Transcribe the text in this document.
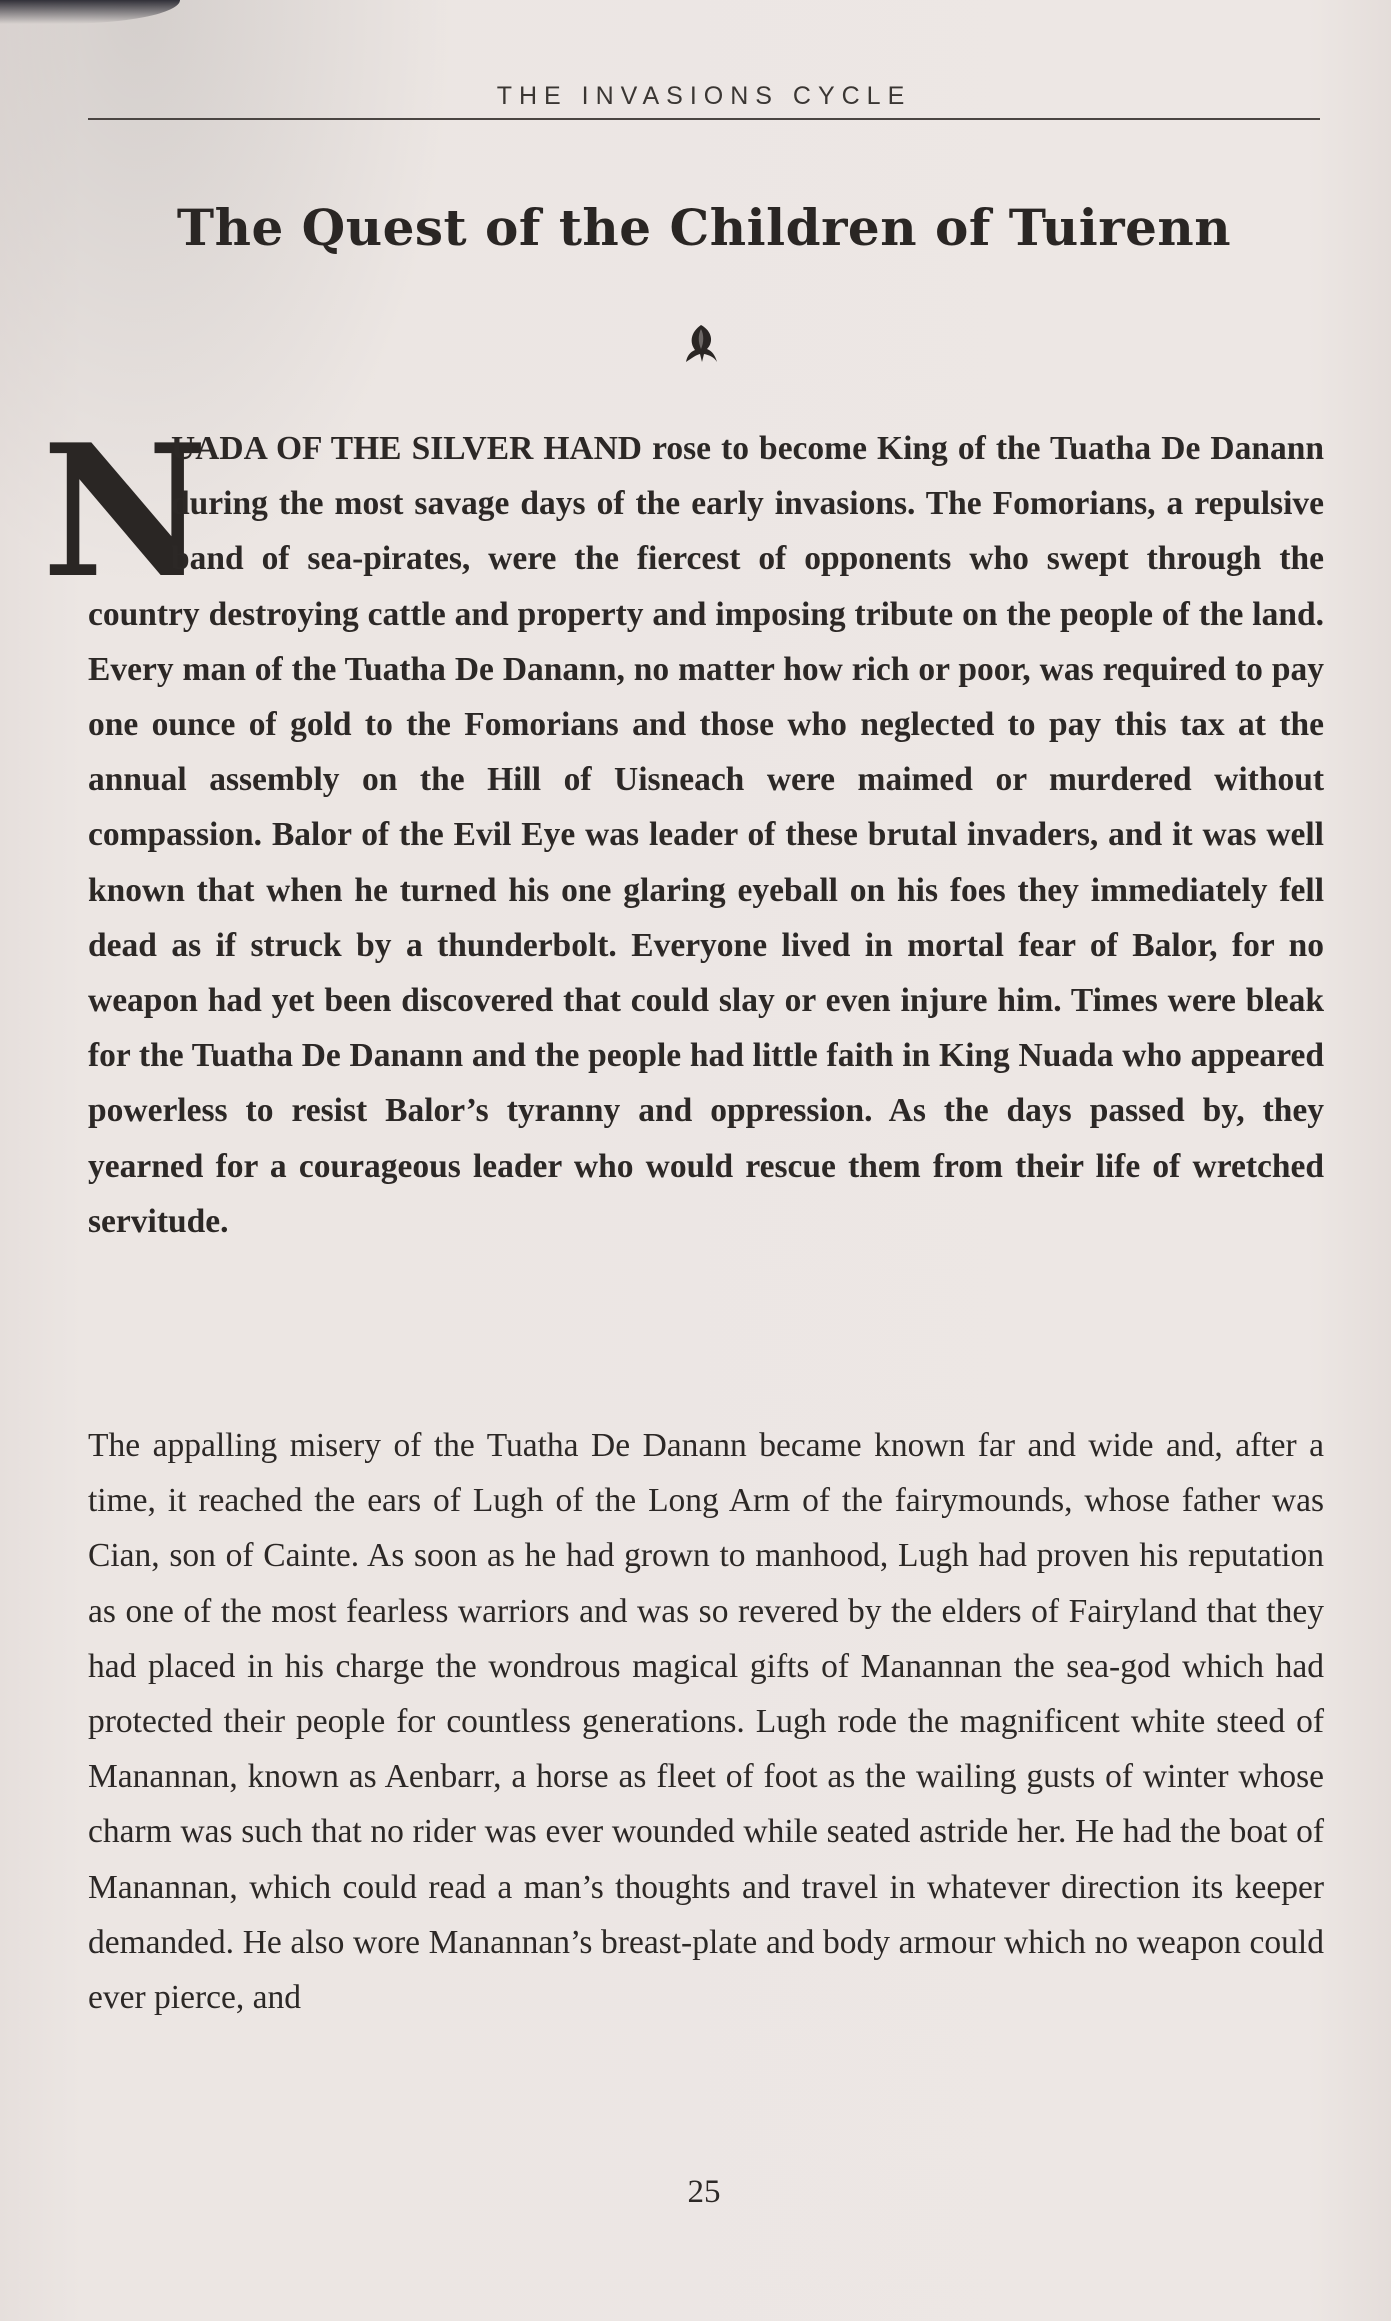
THE INVASIONS CYCLE
The Quest of the Children of Tuirenn
N
UADA OF THE SILVER HAND rose to become King of the Tuatha De Danann during the most savage days of the early invasions. The Fomorians, a repulsive band of sea-pirates, were the fiercest of opponents who swept through the country destroying cattle and property and imposing tribute on the people of the land. Every man of the Tuatha De Danann, no matter how rich or poor, was required to pay one ounce of gold to the Fomorians and those who neglected to pay this tax at the annual assembly on the Hill of Uisneach were maimed or murdered without compassion. Balor of the Evil Eye was leader of these brutal invaders, and it was well known that when he turned his one glaring eyeball on his foes they immediately fell dead as if struck by a thunderbolt. Everyone lived in mortal fear of Balor, for no weapon had yet been discovered that could slay or even injure him. Times were bleak for the Tuatha De Danann and the people had little faith in King Nuada who appeared powerless to resist Balor’s tyranny and oppression. As the days passed by, they yearned for a courageous leader who would rescue them from their life of wretched servitude.
The appalling misery of the Tuatha De Danann became known far and wide and, after a time, it reached the ears of Lugh of the Long Arm of the fairymounds, whose father was Cian, son of Cainte. As soon as he had grown to manhood, Lugh had proven his reputation as one of the most fearless warriors and was so revered by the elders of Fairyland that they had placed in his charge the wondrous magical gifts of Manannan the sea-god which had protected their people for countless generations. Lugh rode the magnificent white steed of Manannan, known as Aenbarr, a horse as fleet of foot as the wailing gusts of winter whose charm was such that no rider was ever wounded while seated astride her. He had the boat of Manannan, which could read a man’s thoughts and travel in whatever direction its keeper demanded. He also wore Manannan’s breast-plate and body armour which no weapon could ever pierce, and
25
